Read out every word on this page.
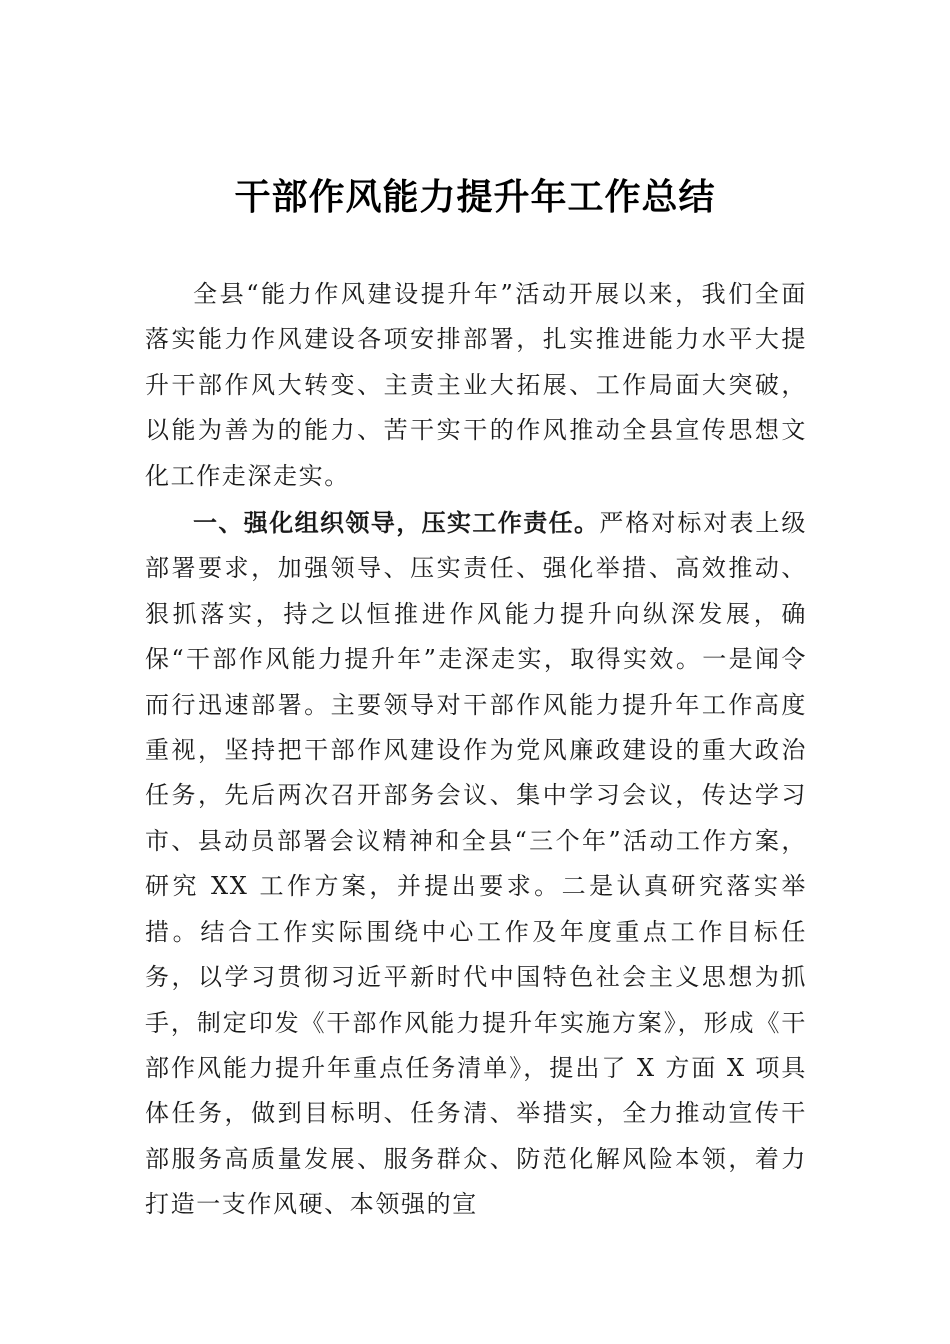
干部作风能力提升年工作总结

全县“能力作风建设提升年”活动开展以来，我们全面落实能力作风建设各项安排部署，扎实推进能力水平大提升干部作风大转变、主责主业大拓展、工作局面大突破，以能为善为的能力、苦干实干的作风推动全县宣传思想文化工作走深走实。

一、强化组织领导，压实工作责任。严格对标对表上级部署要求，加强领导、压实责任、强化举措、高效推动、狠抓落实，持之以恒推进作风能力提升向纵深发展，确保“干部作风能力提升年”走深走实，取得实效。一是闻令而行迅速部署。主要领导对干部作风能力提升年工作高度重视，坚持把干部作风建设作为党风廉政建设的重大政治任务，先后两次召开部务会议、集中学习会议，传达学习市、县动员部署会议精神和全县“三个年”活动工作方案，研究 XX 工作方案，并提出要求。二是认真研究落实举措。结合工作实际围绕中心工作及年度重点工作目标任务，以学习贯彻习近平新时代中国特色社会主义思想为抓手，制定印发《干部作风能力提升年实施方案》，形成《干部作风能力提升年重点任务清单》，提出了 X 方面 X 项具体任务，做到目标明、任务清、举措实，全力推动宣传干部服务高质量发展、服务群众、防范化解风险本领，着力打造一支作风硬、本领强的宣
